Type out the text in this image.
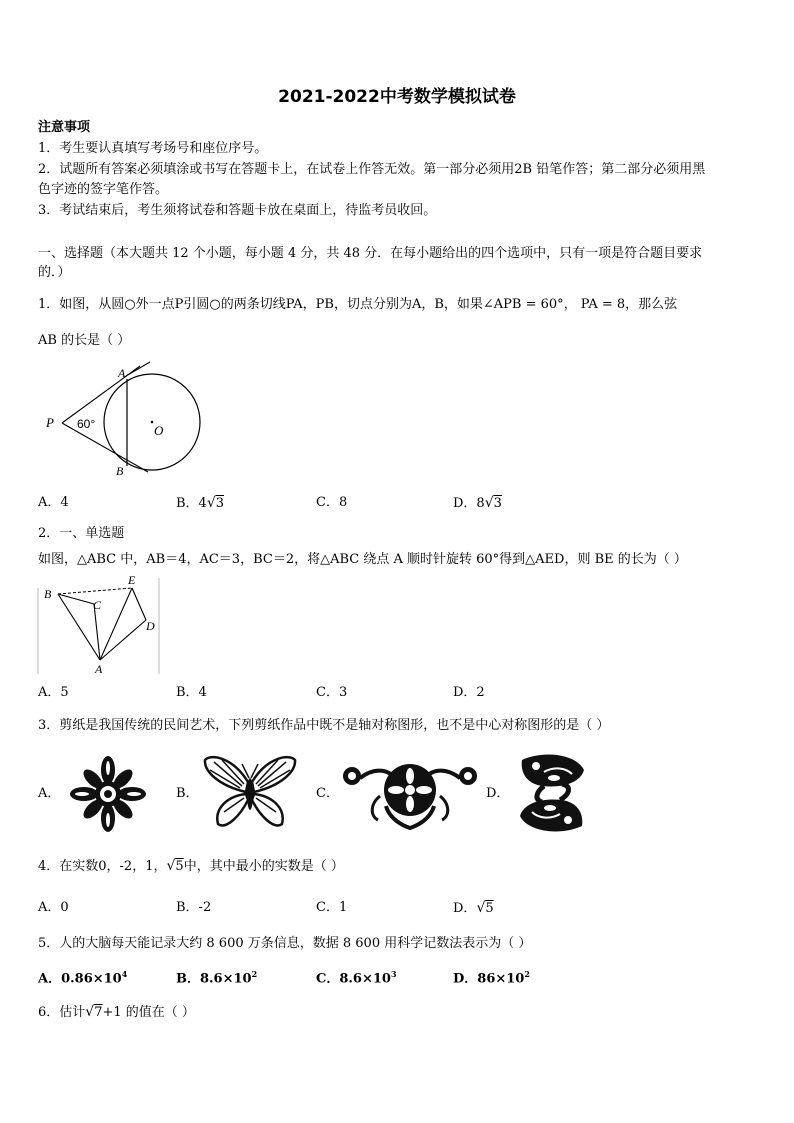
2021-2022中考数学模拟试卷
注意事项
1．考生要认真填写考场号和座位序号。
2．试题所有答案必须填涂或书写在答题卡上，在试卷上作答无效。第一部分必须用2B 铅笔作答；第二部分必须用黑
色字迹的签字笔作答。
3．考试结束后，考生须将试卷和答题卡放在桌面上，待监考员收回。
一、选择题（本大题共 12 个小题，每小题 4 分，共 48 分．在每小题给出的四个选项中，只有一项是符合题目要求
的．）
1．如图，从圆○外一点P引圆○的两条切线PA，PB，切点分别为A，B，如果∠APB = 60°， PA = 8，那么弦
AB 的长是（ ）
A
B
P
O
60°
A．4	B．4√3	C．8	D．8√3
2．一、单选题
如图，△ABC 中，AB＝4，AC＝3，BC＝2，将△ABC 绕点 A 顺时针旋转 60°得到△AED，则 BE 的长为（ ）
B
C
E
D
A
A．5	B．4	C．3	D．2
3．剪纸是我国传统的民间艺术，下列剪纸作品中既不是轴对称图形，也不是中心对称图形的是（ ）
A．	B．	C．	D．
4．在实数0，-2，1，√5中，其中最小的实数是（ ）
A．0	B．-2	C．1	D．√5
5．人的大脑每天能记录大约 8 600 万条信息，数据 8 600 用科学记数法表示为（ ）
A．$0.86\times 10^4$	B．$8.6\times 10^2$	C．$8.6\times 10^3$	D．$86\times 10^2$
6．估计√7+1 的值在（ ）
